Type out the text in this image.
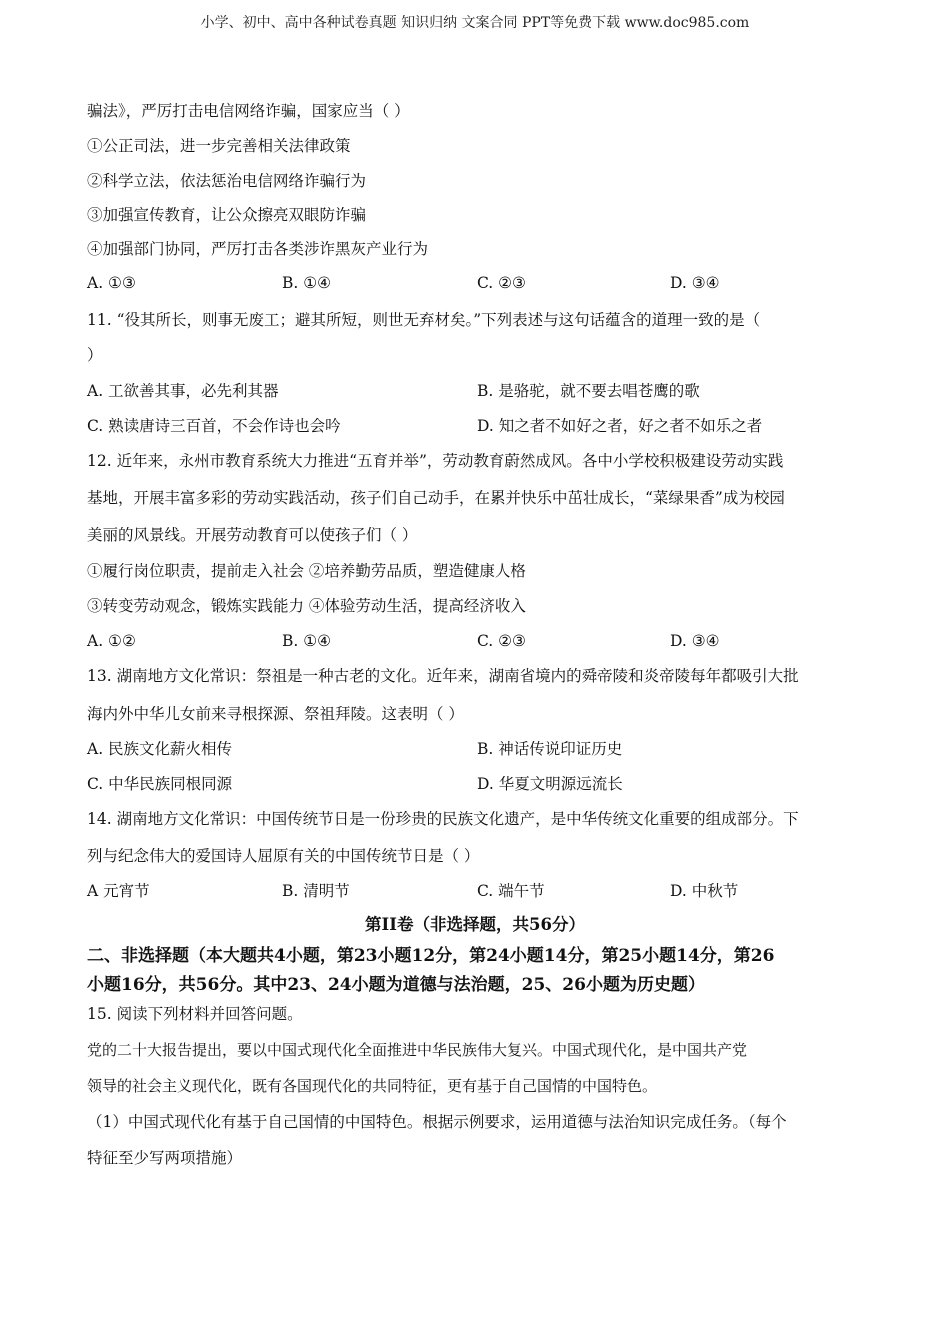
小学、初中、高中各种试卷真题 知识归纳 文案合同 PPT等免费下载 www.doc985.com
骗法》，严厉打击电信网络诈骗，国家应当（ ）
①公正司法，进一步完善相关法律政策
②科学立法，依法惩治电信网络诈骗行为
③加强宣传教育，让公众擦亮双眼防诈骗
④加强部门协同，严厉打击各类涉诈黑灰产业行为
A. ①③	B. ①④	C. ②③	D. ③④
11. “役其所长，则事无废工；避其所短，则世无弃材矣。”下列表述与这句话蕴含的道理一致的是（
）
A. 工欲善其事，必先利其器	B. 是骆驼，就不要去唱苍鹰的歌
C. 熟读唐诗三百首，不会作诗也会吟	D. 知之者不如好之者，好之者不如乐之者
12. 近年来，永州市教育系统大力推进“五育并举”，劳动教育蔚然成风。各中小学校积极建设劳动实践
基地，开展丰富多彩的劳动实践活动，孩子们自己动手，在累并快乐中茁壮成长，“菜绿果香”成为校园
美丽的风景线。开展劳动教育可以使孩子们（ ）
①履行岗位职责，提前走入社会 ②培养勤劳品质，塑造健康人格
③转变劳动观念，锻炼实践能力 ④体验劳动生活，提高经济收入
A. ①②	B. ①④	C. ②③	D. ③④
13. 湖南地方文化常识：祭祖是一种古老的文化。近年来，湖南省境内的舜帝陵和炎帝陵每年都吸引大批
海内外中华儿女前来寻根探源、祭祖拜陵。这表明（ ）
A. 民族文化薪火相传	B. 神话传说印证历史
C. 中华民族同根同源	D. 华夏文明源远流长
14. 湖南地方文化常识：中国传统节日是一份珍贵的民族文化遗产，是中华传统文化重要的组成部分。下
列与纪念伟大的爱国诗人屈原有关的中国传统节日是（ ）
A 元宵节	B. 清明节	C. 端午节	D. 中秋节
第II卷（非选择题，共56分）
二、非选择题（本大题共4小题，第23小题12分，第24小题14分，第25小题14分，第26
小题16分，共56分。其中23、24小题为道德与法治题，25、26小题为历史题）
15. 阅读下列材料并回答问题。
党的二十大报告提出，要以中国式现代化全面推进中华民族伟大复兴。中国式现代化，是中国共产党
领导的社会主义现代化，既有各国现代化的共同特征，更有基于自己国情的中国特色。
（1）中国式现代化有基于自己国情的中国特色。根据示例要求，运用道德与法治知识完成任务。（每个
特征至少写两项措施）
